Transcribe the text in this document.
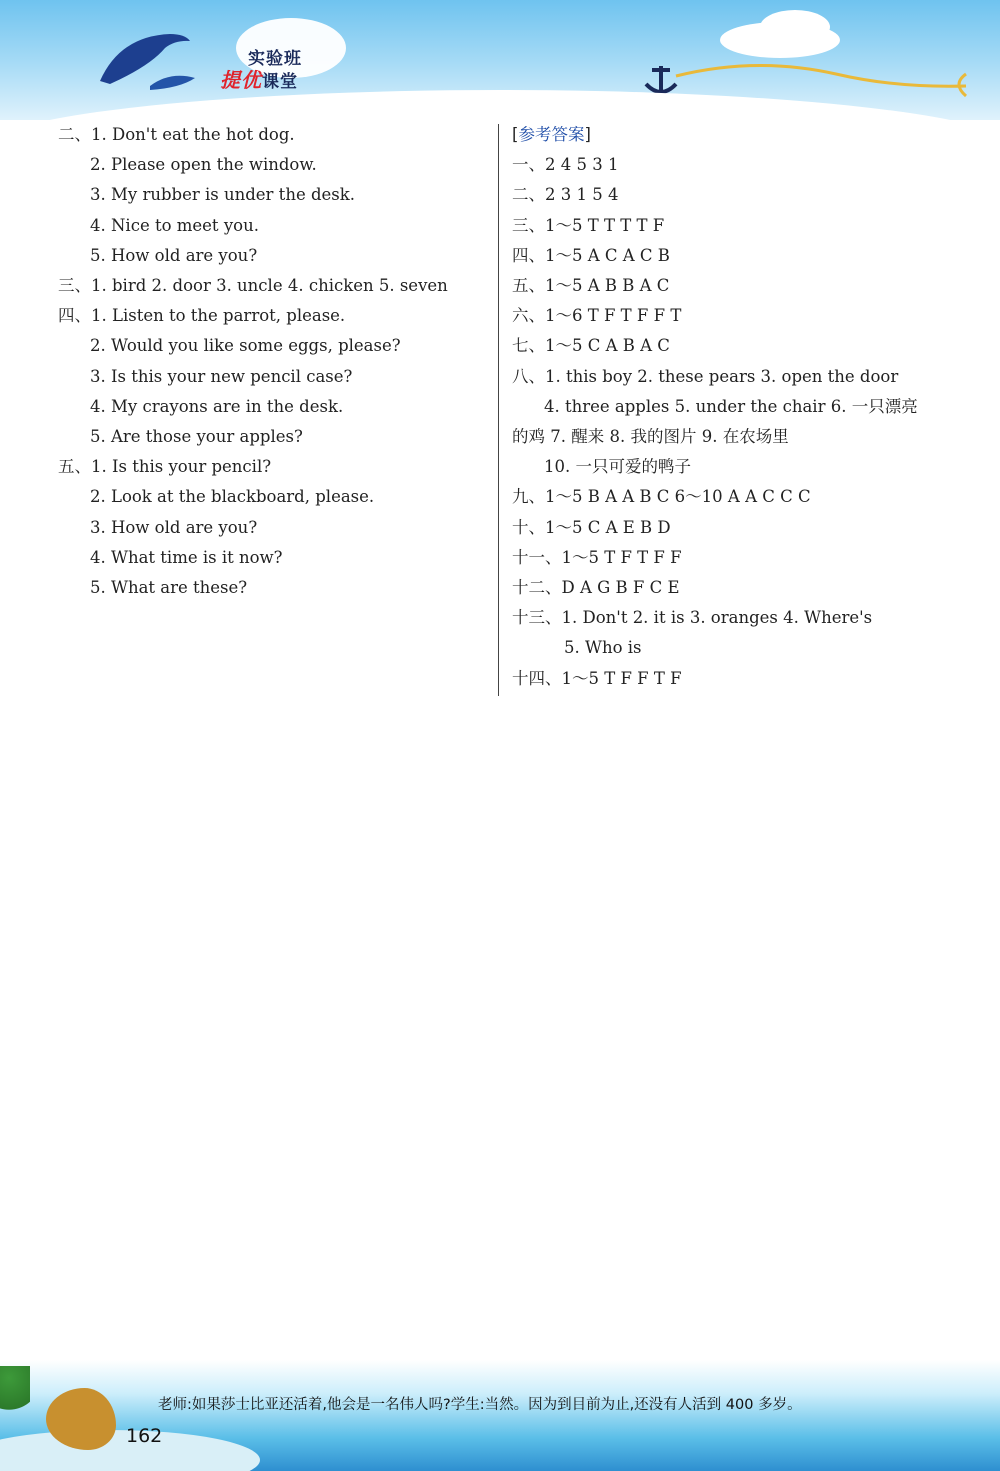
实验班
提优课堂
二、1. Don't eat the hot dog.
2. Please open the window.
3. My rubber is under the desk.
4. Nice to meet you.
5. How old are you?
三、1. bird 2. door 3. uncle 4. chicken 5. seven
四、1. Listen to the parrot, please.
2. Would you like some eggs, please?
3. Is this your new pencil case?
4. My crayons are in the desk.
5. Are those your apples?
五、1. Is this your pencil?
2. Look at the blackboard, please.
3. How old are you?
4. What time is it now?
5. What are these?
[参考答案]
一、2 4 5 3 1
二、2 3 1 5 4
三、1～5 T T T T F
四、1～5 A C A C B
五、1～5 A B B A C
六、1～6 T F T F F T
七、1～5 C A B A C
八、1. this boy 2. these pears 3. open the door
4. three apples 5. under the chair 6. 一只漂亮
的鸡 7. 醒来 8. 我的图片 9. 在农场里
10. 一只可爱的鸭子
九、1～5 B A A B C 6～10 A A C C C
十、1～5 C A E B D
十一、1～5 T F T F F
十二、D A G B F C E
十三、1. Don't 2. it is 3. oranges 4. Where's
5. Who is
十四、1～5 T F F T F
老师:如果莎士比亚还活着,他会是一名伟人吗?学生:当然。因为到目前为止,还没有人活到 400 多岁。
162
